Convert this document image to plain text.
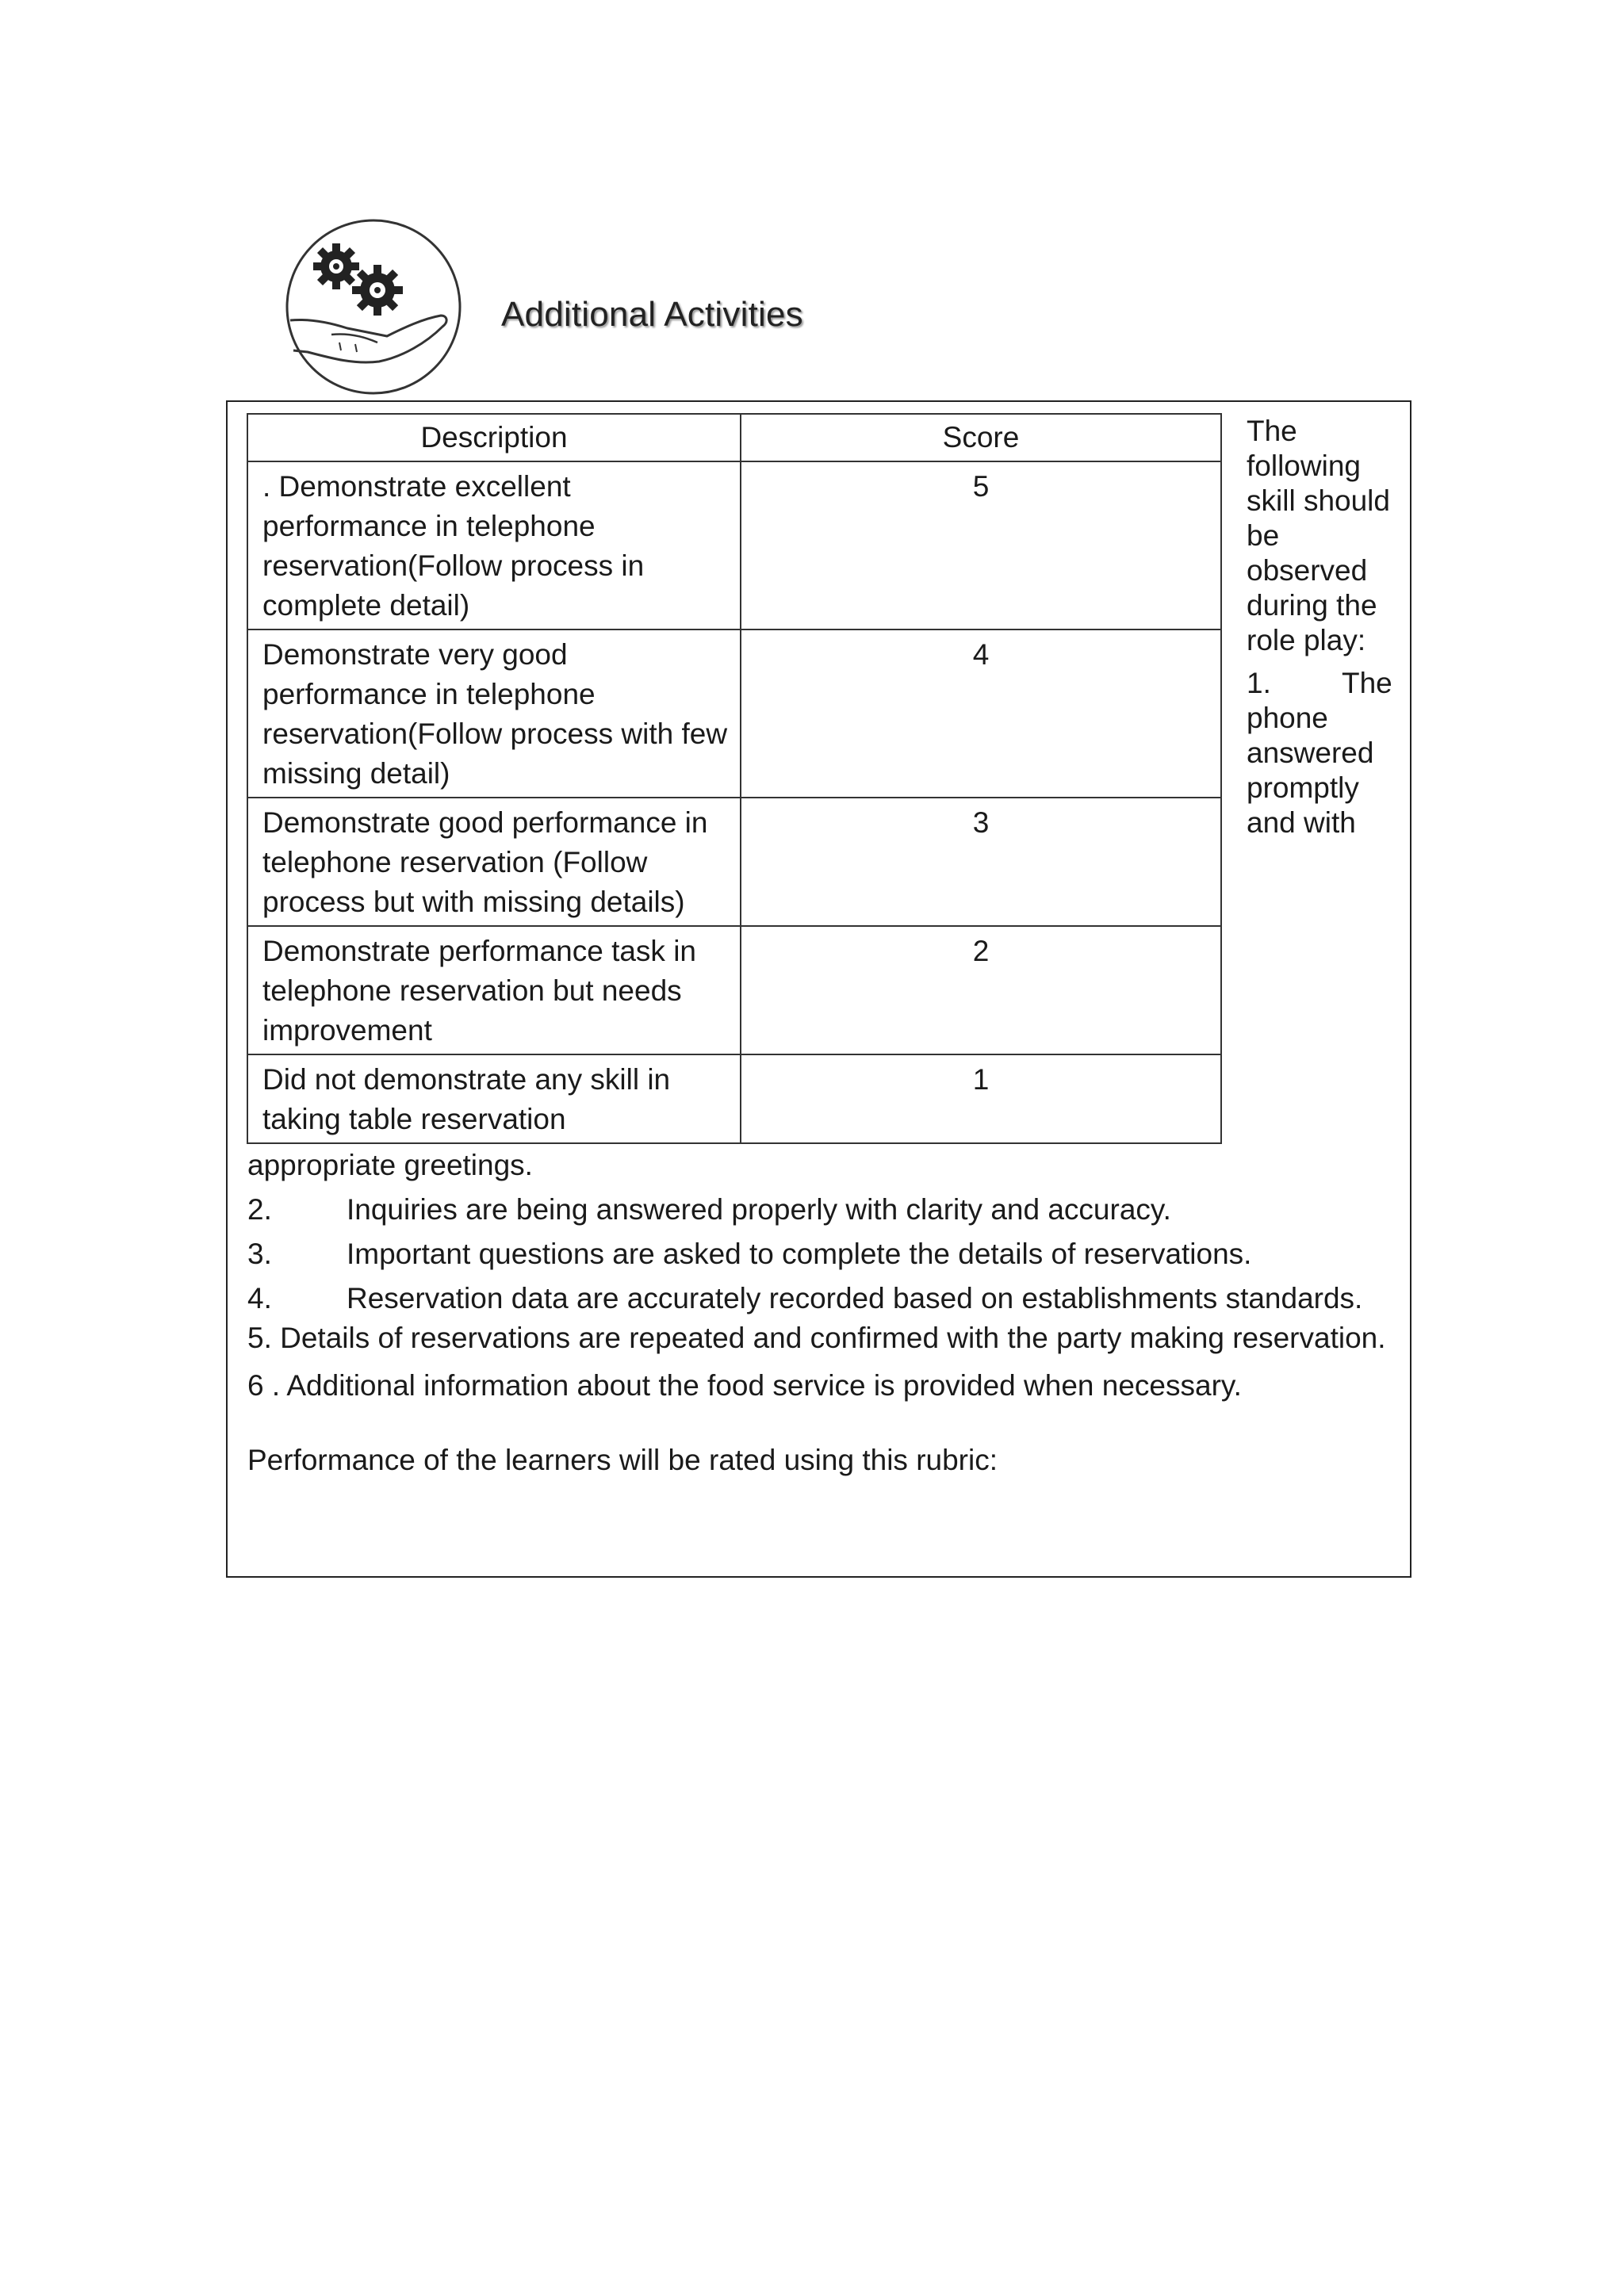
Additional Activities
Description	Score
. Demonstrate excellent performance in telephone reservation(Follow process in complete detail)	5
Demonstrate very good performance in telephone reservation(Follow process with few missing detail)	4
Demonstrate good performance in telephone reservation (Follow process but with missing details)	3
Demonstrate performance task in telephone reservation but needs improvement	2
Did not demonstrate any skill in taking table reservation	1

The following skill should be observed during the role play:

1. The phone answered promptly and with

appropriate greetings.

2.	Inquiries are being answered properly with clarity and accuracy.

3.	Important questions are asked to complete the details of reservations.

4.	Reservation data are accurately recorded based on establishments standards. 5. Details of reservations are repeated and confirmed with the party making reservation.

6 . Additional information about the food service is provided when necessary.

Performance of the learners will be rated using this rubric:
